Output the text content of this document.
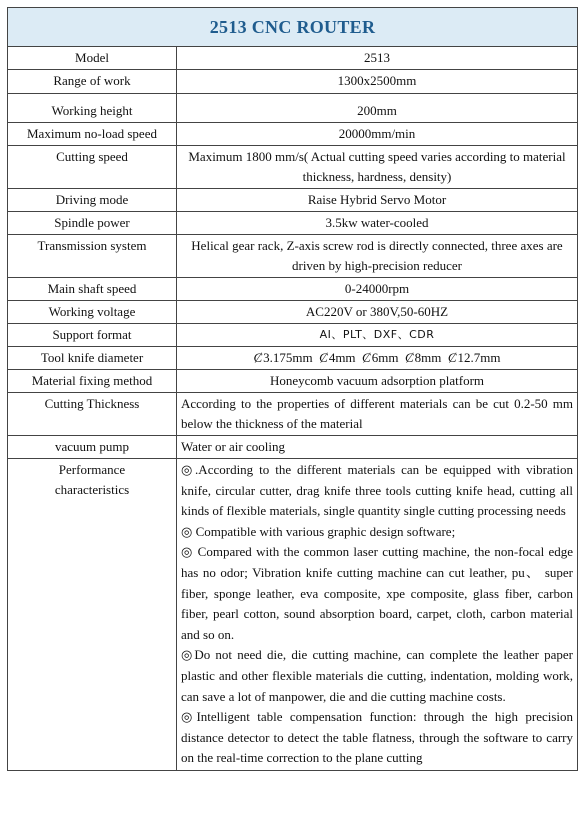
2513 CNC ROUTER	
Model	2513
Range of work	1300x2500mm
Working height	200mm
Maximum no-load speed	20000mm/min
Cutting speed	Maximum 1800 mm/s( Actual cutting speed varies according to material thickness, hardness, density)
Driving mode	Raise Hybrid Servo Motor
Spindle power	3.5kw water-cooled
Transmission system	Helical gear rack, Z-axis screw rod is directly connected, three axes are driven by high-precision reducer
Main shaft speed	0-24000rpm
Working voltage	AC220V or 380V,50-60HZ
Support format	AI、PLT、DXF、CDR
Tool knife diameter	Ȼ3.175mm Ȼ4mm Ȼ6mm Ȼ8mm Ȼ12.7mm
Material fixing method	Honeycomb vacuum adsorption platform
Cutting Thickness	According to the properties of different materials can be cut 0.2-50 mm below the thickness of the material
vacuum pump	Water or air cooling
Performance characteristics	◎.According to the different materials can be equipped with vibration knife, circular cutter, drag knife three tools cutting knife head, cutting all kinds of flexible materials, single quantity single cutting processing needs

◎ Compatible with various graphic design software;

◎ Compared with the common laser cutting machine, the non-focal edge has no odor; Vibration knife cutting machine can cut leather, pu、 super fiber, sponge leather, eva composite, xpe composite, glass fiber, carbon fiber, pearl cotton, sound absorption board, carpet, cloth, carbon material and so on.

◎Do not need die, die cutting machine, can complete the leather paper plastic and other flexible materials die cutting, indentation, molding work, can save a lot of manpower, die and die cutting machine costs.

◎Intelligent table compensation function: through the high precision distance detector to detect the table flatness, through the software to carry on the real-time correction to the plane cutting
